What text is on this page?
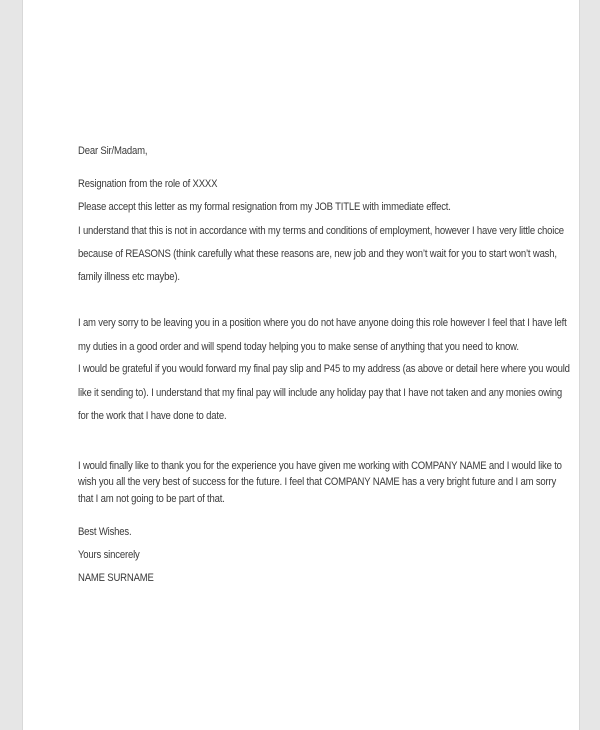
Dear Sir/Madam,
Resignation from the role of XXXX
Please accept this letter as my formal resignation from my JOB TITLE with immediate effect.
I understand that this is not in accordance with my terms and conditions of employment, however I have very little choice
because of REASONS (think carefully what these reasons are, new job and they won’t wait for you to start won’t wash,
family illness etc maybe).
I am very sorry to be leaving you in a position where you do not have anyone doing this role however I feel that I have left
my duties in a good order and will spend today helping you to make sense of anything that you need to know.
I would be grateful if you would forward my final pay slip and P45 to my address (as above or detail here where you would
like it sending to). I understand that my final pay will include any holiday pay that I have not taken and any monies owing
for the work that I have done to date.
I would finally like to thank you for the experience you have given me working with COMPANY NAME and I would like to
wish you all the very best of success for the future. I feel that COMPANY NAME has a very bright future and I am sorry
that I am not going to be part of that.
Best Wishes.
Yours sincerely
NAME SURNAME
